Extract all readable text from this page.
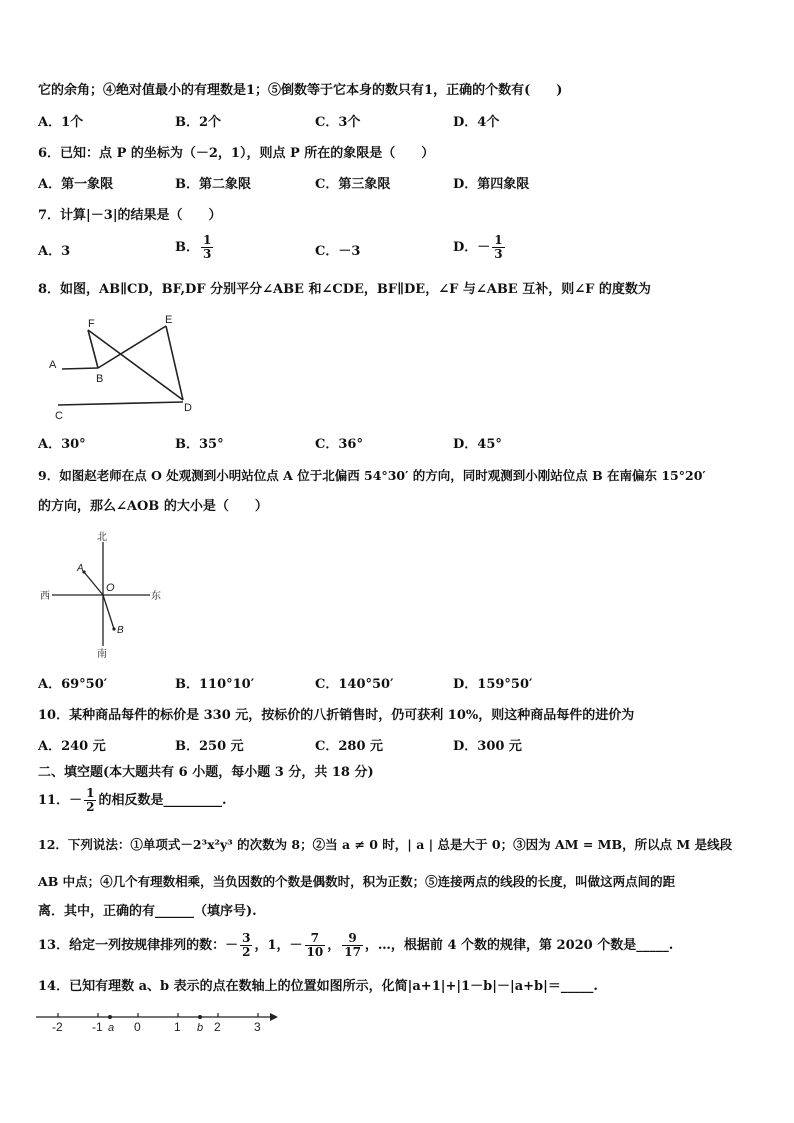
它的余角；④绝对值最小的有理数是1；⑤倒数等于它本身的数只有1，正确的个数有(　　)
A．1个	B．2个	C．3个	D．4个
6．已知：点 P 的坐标为（－2，1），则点 P 所在的象限是（　　）
A．第一象限	B．第二象限	C．第三象限	D．第四象限
7．计算|－3|的结果是（　　）
A．3	B． $\frac{1}{3}$	C．－3	D．－ $\frac{1}{3}$
8．如图，AB∥CD，BF,DF 分别平分∠ABE 和∠CDE，BF∥DE，∠F 与∠ABE 互补，则∠F 的度数为
F	E
A
B
C
D
A．30°	B．35°	C．36°	D．45°
9．如图赵老师在点 O 处观测到小明站位点 A 位于北偏西 54°30′ 的方向，同时观测到小刚站位点 B 在南偏东 15°20′
的方向，那么∠AOB 的大小是（　　）
北
A
O
西	东
B
南
A．69°50′	B．110°10′	C．140°50′	D．159°50′
10．某种商品每件的标价是 330 元，按标价的八折销售时，仍可获利 10%，则这种商品每件的进价为
A．240 元	B．250 元	C．280 元	D．300 元
二、填空题(本大题共有 6 小题，每小题 3 分，共 18 分)
11．－ $\frac{1}{2}$ 的相反数是_________.
12．下列说法：①单项式－2³x²y³ 的次数为 8；②当 a ≠ 0 时，| a | 总是大于 0；③因为 AM = MB，所以点 M 是线段
AB 中点；④几个有理数相乘，当负因数的个数是偶数时，积为正数；⑤连接两点的线段的长度，叫做这两点间的距
离．其中，正确的有______（填序号).
13．给定一列按规律排列的数：－ $\frac{3}{2}$ ，1，－ $\frac{7}{10}$ ， $\frac{9}{17}$ ，…，根据前 4 个数的规律，第 2020 个数是_____.
14．已知有理数 a、b 表示的点在数轴上的位置如图所示，化简|a+1|+|1－b|－|a+b|＝_____.
-2 -1 a 0	1 b 2	3
